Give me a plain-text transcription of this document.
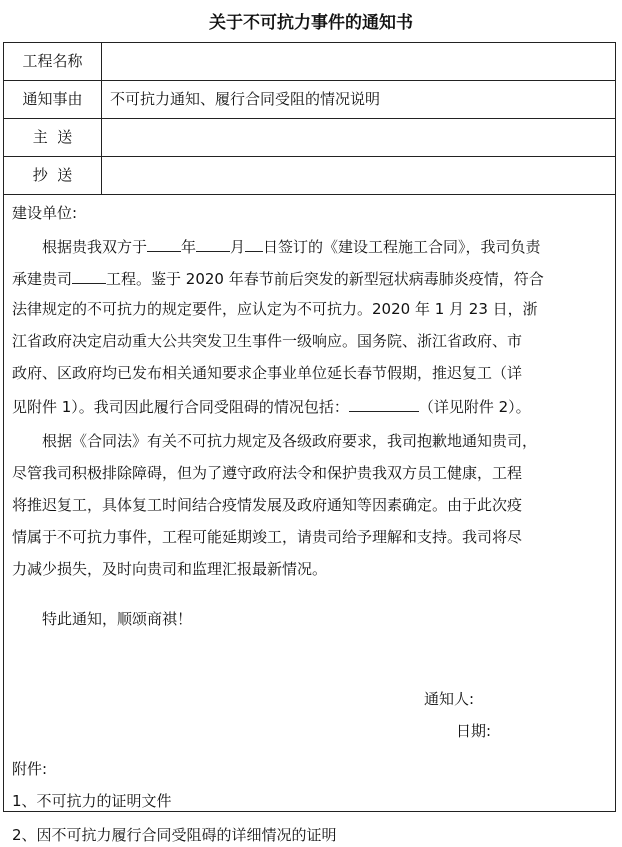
关于不可抗力事件的通知书
工程名称
通知事由	不可抗力通知、履行合同受阻的情况说明
主  送
抄  送
建设单位:
根据贵我双方于 年 月 日签订的《建设工程施工合同》，我司负责
承建贵司 工程。鉴于 2020 年春节前后突发的新型冠状病毒肺炎疫情，符合
法律规定的不可抗力的规定要件，应认定为不可抗力。2020 年 1 月 23 日，浙
江省政府决定启动重大公共突发卫生事件一级响应。国务院、浙江省政府、市
政府、区政府均已发布相关通知要求企事业单位延长春节假期，推迟复工（详
见附件 1）。我司因此履行合同受阻碍的情况包括：	（详见附件 2）。
根据《合同法》有关不可抗力规定及各级政府要求，我司抱歉地通知贵司，
尽管我司积极排除障碍，但为了遵守政府法令和保护贵我双方员工健康，工程
将推迟复工，具体复工时间结合疫情发展及政府通知等因素确定。由于此次疫
情属于不可抗力事件，工程可能延期竣工，请贵司给予理解和支持。我司将尽
力减少损失，及时向贵司和监理汇报最新情况。
特此通知，顺颂商祺！
通知人:
日期:
附件:
1、不可抗力的证明文件
2、因不可抗力履行合同受阻碍的详细情况的证明
